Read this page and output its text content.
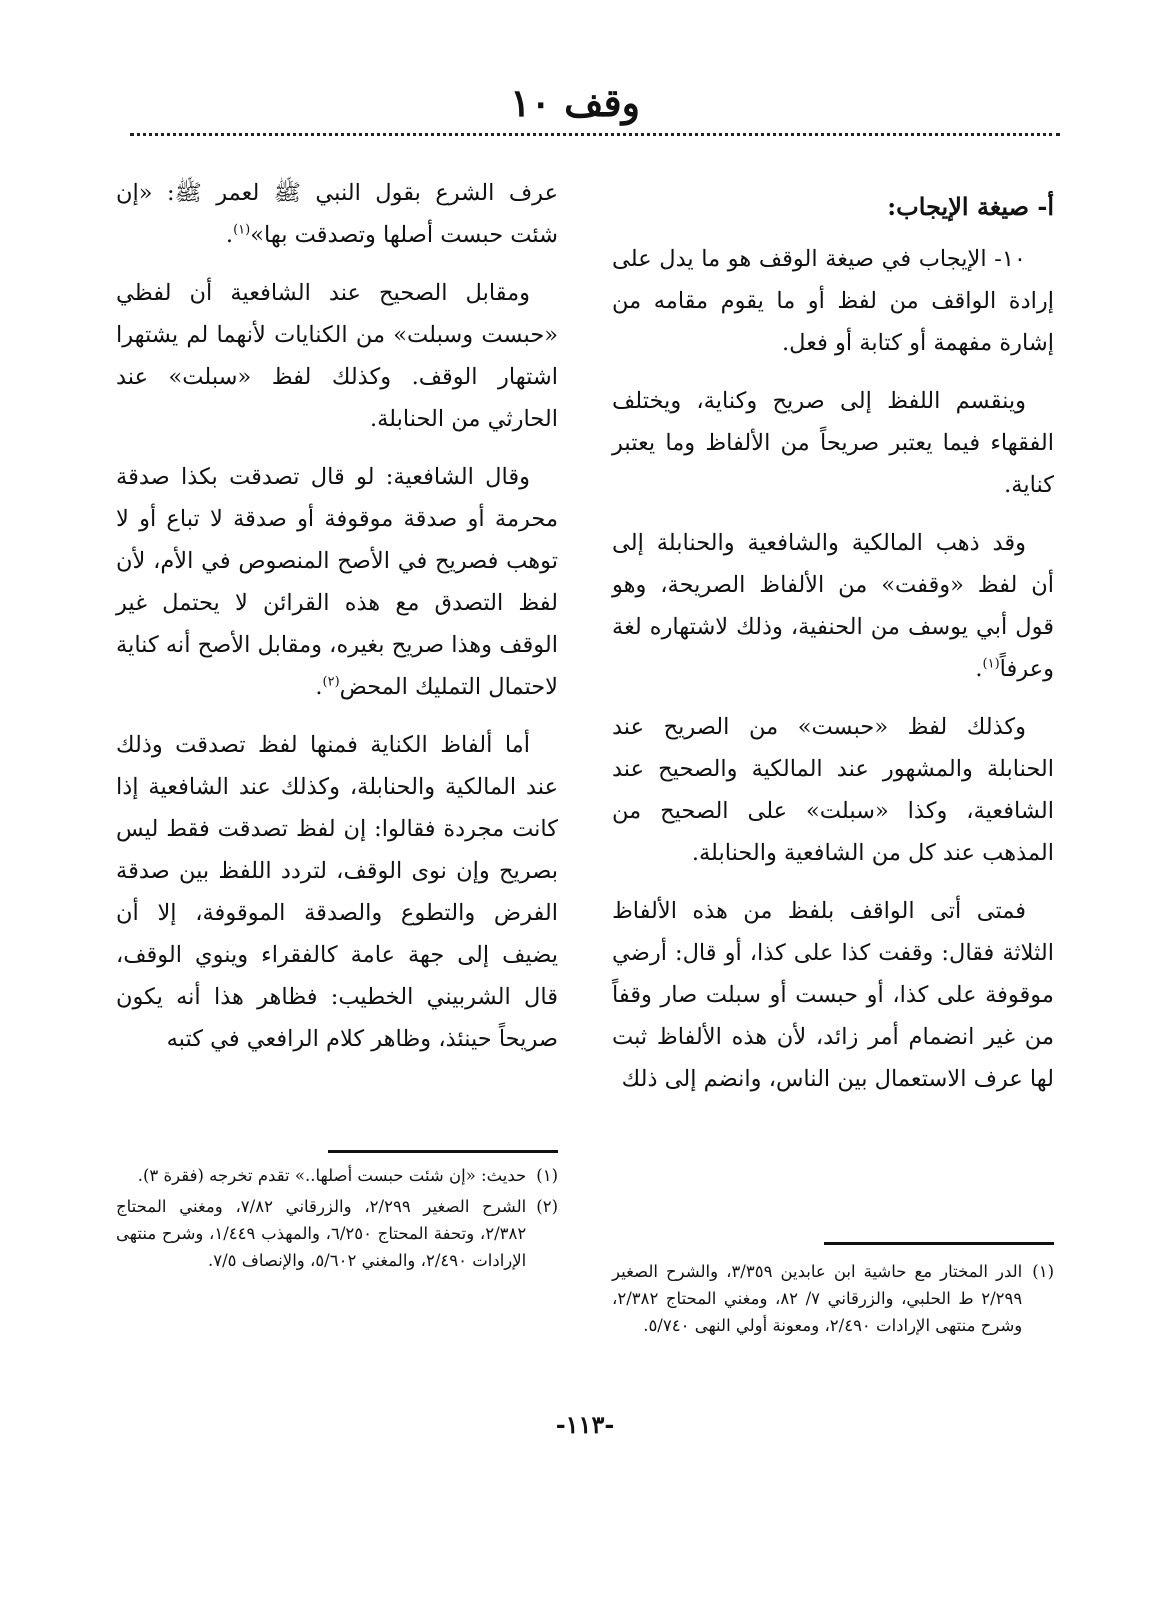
وقف ١٠
أ- صيغة الإيجاب:

١٠- الإيجاب في صيغة الوقف هو ما يدل على إرادة الواقف من لفظ أو ما يقوم مقامه من إشارة مفهمة أو كتابة أو فعل.

وينقسم اللفظ إلى صريح وكناية، ويختلف الفقهاء فيما يعتبر صريحاً من الألفاظ وما يعتبر كناية.

وقد ذهب المالكية والشافعية والحنابلة إلى أن لفظ «وقفت» من الألفاظ الصريحة، وهو قول أبي يوسف من الحنفية، وذلك لاشتهاره لغة وعرفاً$^{(١)}$.

وكذلك لفظ «حبست» من الصريح عند الحنابلة والمشهور عند المالكية والصحيح عند الشافعية، وكذا «سبلت» على الصحيح من المذهب عند كل من الشافعية والحنابلة.

فمتى أتى الواقف بلفظ من هذه الألفاظ الثلاثة فقال: وقفت كذا على كذا، أو قال: أرضي موقوفة على كذا، أو حبست أو سبلت صار وقفاً من غير انضمام أمر زائد، لأن هذه الألفاظ ثبت لها عرف الاستعمال بين الناس، وانضم إلى ذلك

عرف الشرع بقول النبي ﷺ لعمر ﷺ: «إن شئت حبست أصلها وتصدقت بها»$^{(١)}$.

ومقابل الصحيح عند الشافعية أن لفظي «حبست وسبلت» من الكنايات لأنهما لم يشتهرا اشتهار الوقف. وكذلك لفظ «سبلت» عند الحارثي من الحنابلة.

وقال الشافعية: لو قال تصدقت بكذا صدقة محرمة أو صدقة موقوفة أو صدقة لا تباع أو لا توهب فصريح في الأصح المنصوص في الأم، لأن لفظ التصدق مع هذه القرائن لا يحتمل غير الوقف وهذا صريح بغيره، ومقابل الأصح أنه كناية لاحتمال التمليك المحض$^{(٢)}$.

أما ألفاظ الكناية فمنها لفظ تصدقت وذلك عند المالكية والحنابلة، وكذلك عند الشافعية إذا كانت مجردة فقالوا: إن لفظ تصدقت فقط ليس بصريح وإن نوى الوقف، لتردد اللفظ بين صدقة الفرض والتطوع والصدقة الموقوفة، إلا أن يضيف إلى جهة عامة كالفقراء وينوي الوقف، قال الشربيني الخطيب: فظاهر هذا أنه يكون صريحاً حينئذ، وظاهر كلام الرافعي في كتبه

(١)
الدر المختار مع حاشية ابن عابدين ٣/٣٥٩، والشرح الصغير ٢/٢٩٩ ط الحلبي، والزرقاني ٧/ ٨٢، ومغني المحتاج ٢/٣٨٢، وشرح منتهى الإرادات ٢/٤٩٠، ومعونة أولي النهى ٥/٧٤٠.
(١)
حديث: «إن شئت حبست أصلها..» تقدم تخرجه (فقرة ٣).
(٢)
الشرح الصغير ٢/٢٩٩، والزرقاني ٧/٨٢، ومغني المحتاج ٢/٣٨٢، وتحفة المحتاج ٦/٢٥٠، والمهذب ١/٤٤٩، وشرح منتهى الإرادات ٢/٤٩٠، والمغني ٥/٦٠٢، والإنصاف ٧/٥.
-١١٣-
